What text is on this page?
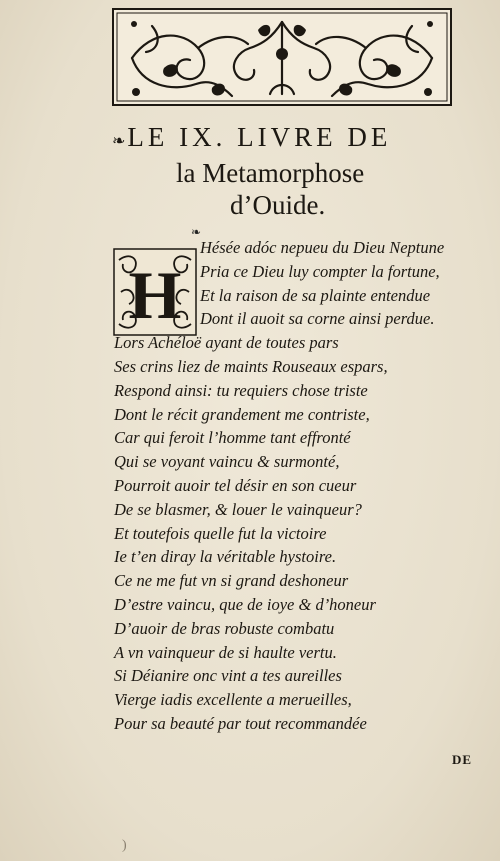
❧LE IX. LIVRE DE
la Metamorphose
d’Ouide.
❧
H
Hésée adóc nepueu du Dieu Neptune
Pria ce Dieu luy compter la fortune,
Et la raison de sa plainte entendue
Dont il auoit sa corne ainsi perdue.
Lors Achéloë ayant de toutes pars
Ses crins liez de maints Rouseaux espars,
Respond ainsi: tu requiers chose triste
Dont le récit grandement me contriste,
Car qui feroit l’homme tant effronté
Qui se voyant vaincu & surmonté,
Pourroit auoir tel désir en son cueur
De se blasmer, & louer le vainqueur?
Et toutefois quelle fut la victoire
Ie t’en diray la véritable hystoire.
Ce ne me fut vn si grand deshoneur
D’estre vaincu, que de ioye & d’honeur
D’auoir de bras robuste combatu
A vn vainqueur de si haulte vertu.
Si Déianire onc vint a tes aureilles
Vierge iadis excellente a merueilles,
Pour sa beauté par tout recommandée
DE
)
